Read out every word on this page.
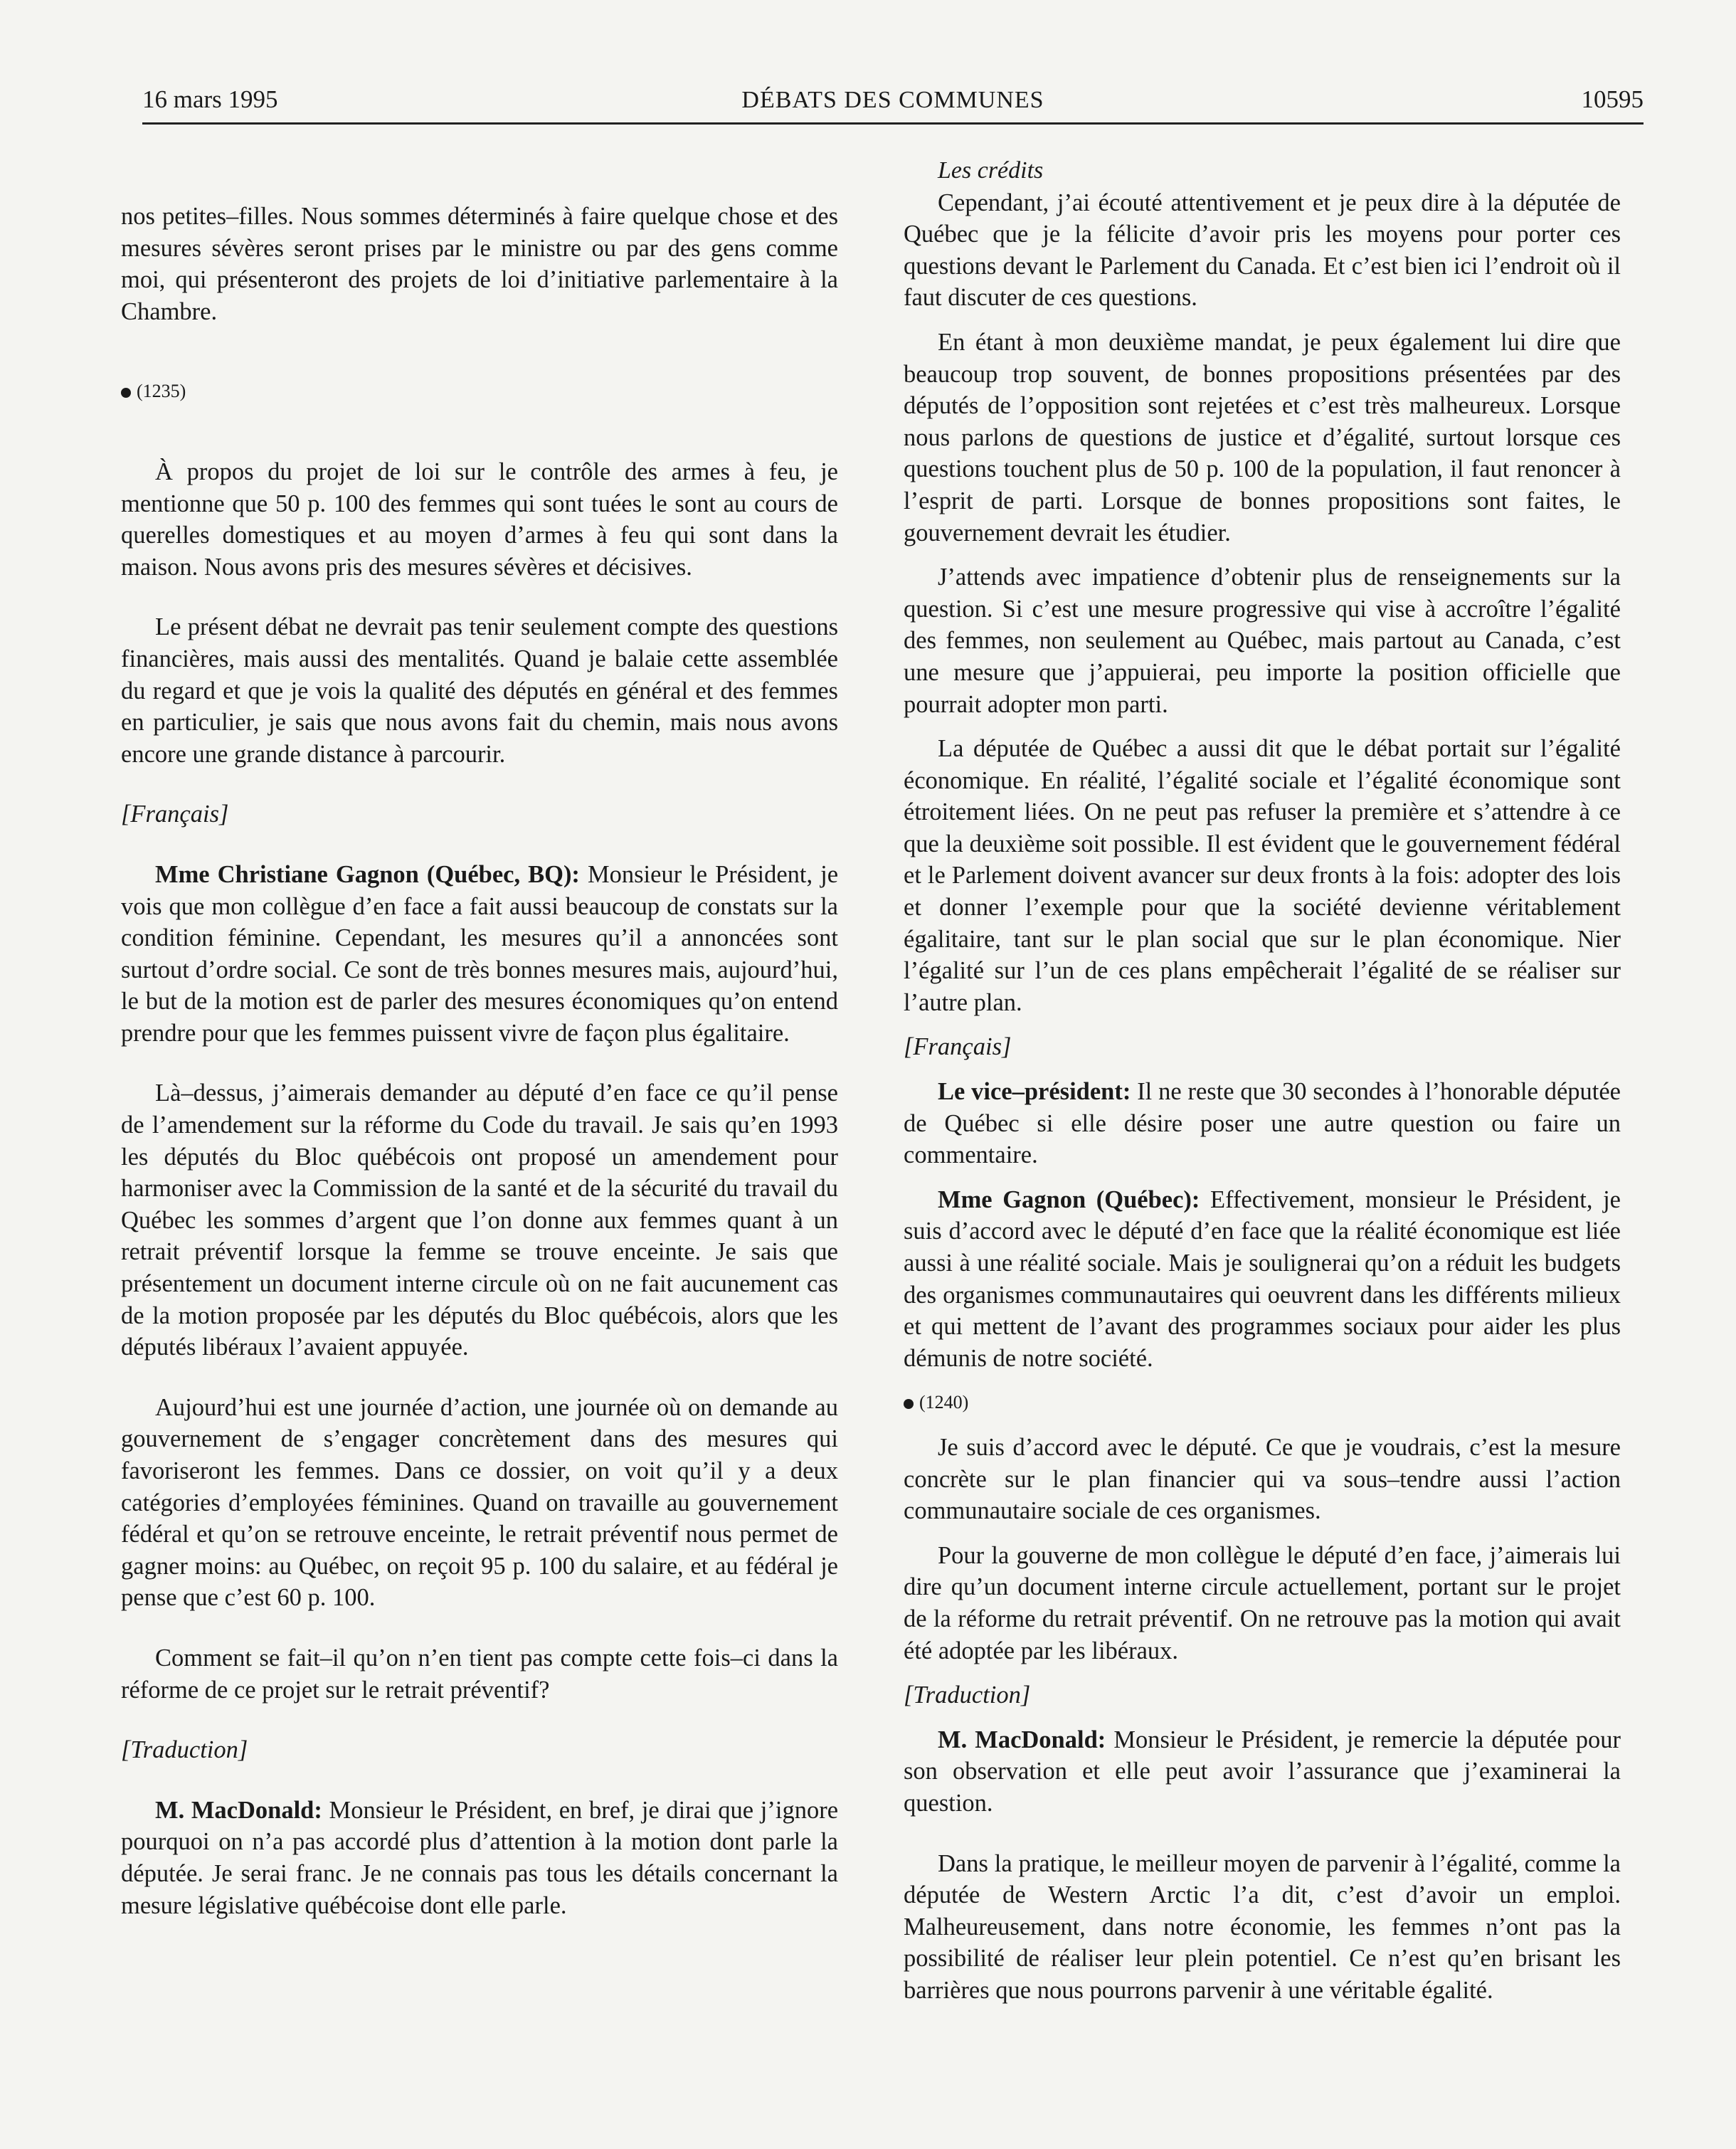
16 mars 1995	DÉBATS DES COMMUNES	10595

nos petites–filles. Nous sommes déterminés à faire quelque chose et des mesures sévères seront prises par le ministre ou par des gens comme moi, qui présenteront des projets de loi d’initiative parlementaire à la Chambre.

(1235)

À propos du projet de loi sur le contrôle des armes à feu, je mentionne que 50 p. 100 des femmes qui sont tuées le sont au cours de querelles domestiques et au moyen d’armes à feu qui sont dans la maison. Nous avons pris des mesures sévères et décisives.

Le présent débat ne devrait pas tenir seulement compte des questions financières, mais aussi des mentalités. Quand je balaie cette assemblée du regard et que je vois la qualité des députés en général et des femmes en particulier, je sais que nous avons fait du chemin, mais nous avons encore une grande distance à parcourir.

[Français]

Mme Christiane Gagnon (Québec, BQ): Monsieur le Président, je vois que mon collègue d’en face a fait aussi beaucoup de constats sur la condition féminine. Cependant, les mesures qu’il a annoncées sont surtout d’ordre social. Ce sont de très bonnes mesures mais, aujourd’hui, le but de la motion est de parler des mesures économiques qu’on entend prendre pour que les femmes puissent vivre de façon plus égalitaire.

Là–dessus, j’aimerais demander au député d’en face ce qu’il pense de l’amendement sur la réforme du Code du travail. Je sais qu’en 1993 les députés du Bloc québécois ont proposé un amendement pour harmoniser avec la Commission de la santé et de la sécurité du travail du Québec les sommes d’argent que l’on donne aux femmes quant à un retrait préventif lorsque la femme se trouve enceinte. Je sais que présentement un document interne circule où on ne fait aucunement cas de la motion proposée par les députés du Bloc québécois, alors que les députés libéraux l’avaient appuyée.

Aujourd’hui est une journée d’action, une journée où on demande au gouvernement de s’engager concrètement dans des mesures qui favoriseront les femmes. Dans ce dossier, on voit qu’il y a deux catégories d’employées féminines. Quand on travaille au gouvernement fédéral et qu’on se retrouve enceinte, le retrait préventif nous permet de gagner moins: au Québec, on reçoit 95 p. 100 du salaire, et au fédéral je pense que c’est 60 p. 100.

Comment se fait–il qu’on n’en tient pas compte cette fois–ci dans la réforme de ce projet sur le retrait préventif?

[Traduction]

M. MacDonald: Monsieur le Président, en bref, je dirai que j’ignore pourquoi on n’a pas accordé plus d’attention à la motion dont parle la députée. Je serai franc. Je ne connais pas tous les détails concernant la mesure législative québécoise dont elle parle.

Les crédits

Cependant, j’ai écouté attentivement et je peux dire à la députée de Québec que je la félicite d’avoir pris les moyens pour porter ces questions devant le Parlement du Canada. Et c’est bien ici l’endroit où il faut discuter de ces questions.

En étant à mon deuxième mandat, je peux également lui dire que beaucoup trop souvent, de bonnes propositions présentées par des députés de l’opposition sont rejetées et c’est très malheureux. Lorsque nous parlons de questions de justice et d’égalité, surtout lorsque ces questions touchent plus de 50 p. 100 de la population, il faut renoncer à l’esprit de parti. Lorsque de bonnes propositions sont faites, le gouvernement devrait les étudier.

J’attends avec impatience d’obtenir plus de renseignements sur la question. Si c’est une mesure progressive qui vise à accroître l’égalité des femmes, non seulement au Québec, mais partout au Canada, c’est une mesure que j’appuierai, peu importe la position officielle que pourrait adopter mon parti.

La députée de Québec a aussi dit que le débat portait sur l’égalité économique. En réalité, l’égalité sociale et l’égalité économique sont étroitement liées. On ne peut pas refuser la première et s’attendre à ce que la deuxième soit possible. Il est évident que le gouvernement fédéral et le Parlement doivent avancer sur deux fronts à la fois: adopter des lois et donner l’exemple pour que la société devienne véritablement égalitaire, tant sur le plan social que sur le plan économique. Nier l’égalité sur l’un de ces plans empêcherait l’égalité de se réaliser sur l’autre plan.

[Français]

Le vice–président: Il ne reste que 30 secondes à l’honorable députée de Québec si elle désire poser une autre question ou faire un commentaire.

Mme Gagnon (Québec): Effectivement, monsieur le Président, je suis d’accord avec le député d’en face que la réalité économique est liée aussi à une réalité sociale. Mais je soulignerai qu’on a réduit les budgets des organismes communautaires qui oeuvrent dans les différents milieux et qui mettent de l’avant des programmes sociaux pour aider les plus démunis de notre société.

(1240)

Je suis d’accord avec le député. Ce que je voudrais, c’est la mesure concrète sur le plan financier qui va sous–tendre aussi l’action communautaire sociale de ces organismes.

Pour la gouverne de mon collègue le député d’en face, j’aimerais lui dire qu’un document interne circule actuellement, portant sur le projet de la réforme du retrait préventif. On ne retrouve pas la motion qui avait été adoptée par les libéraux.

[Traduction]

M. MacDonald: Monsieur le Président, je remercie la députée pour son observation et elle peut avoir l’assurance que j’examinerai la question.

Dans la pratique, le meilleur moyen de parvenir à l’égalité, comme la députée de Western Arctic l’a dit, c’est d’avoir un emploi. Malheureusement, dans notre économie, les femmes n’ont pas la possibilité de réaliser leur plein potentiel. Ce n’est qu’en brisant les barrières que nous pourrons parvenir à une véritable égalité.
